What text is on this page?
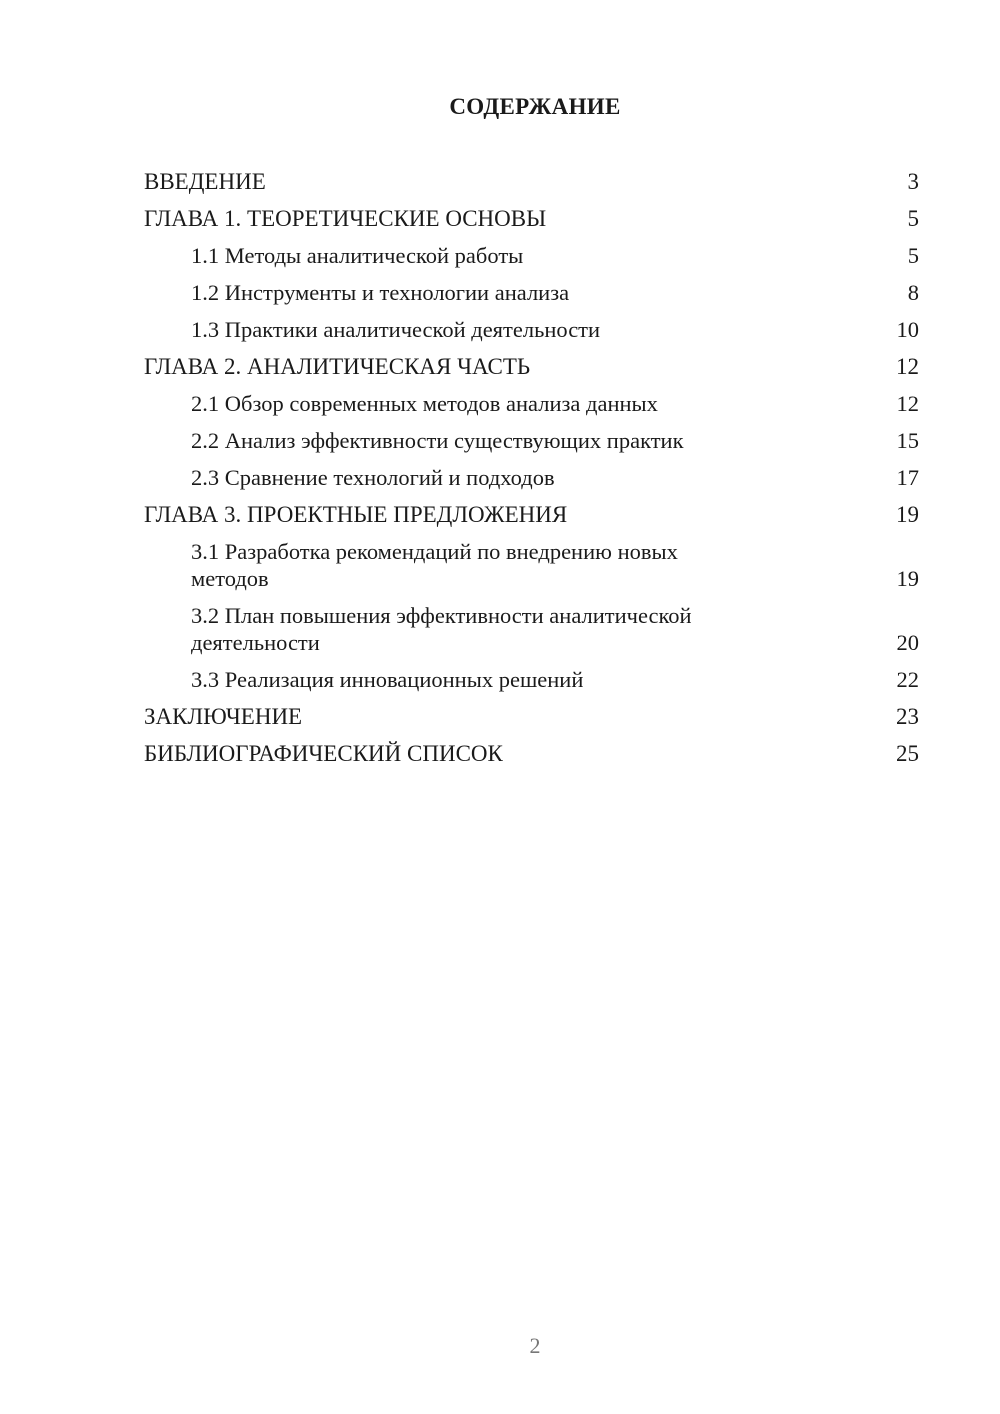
СОДЕРЖАНИЕ
ВВЕДЕНИЕ	3
ГЛАВА 1. ТЕОРЕТИЧЕСКИЕ ОСНОВЫ	5
1.1 Методы аналитической работы	5
1.2 Инструменты и технологии анализа	8
1.3 Практики аналитической деятельности	10
ГЛАВА 2. АНАЛИТИЧЕСКАЯ ЧАСТЬ	12
2.1 Обзор современных методов анализа данных	12
2.2 Анализ эффективности существующих практик	15
2.3 Сравнение технологий и подходов	17
ГЛАВА 3. ПРОЕКТНЫЕ ПРЕДЛОЖЕНИЯ	19
3.1 Разработка рекомендаций по внедрению новых методов	19
3.2 План повышения эффективности аналитической деятельности	20
3.3 Реализация инновационных решений	22
ЗАКЛЮЧЕНИЕ	23
БИБЛИОГРАФИЧЕСКИЙ СПИСОК	25
2
